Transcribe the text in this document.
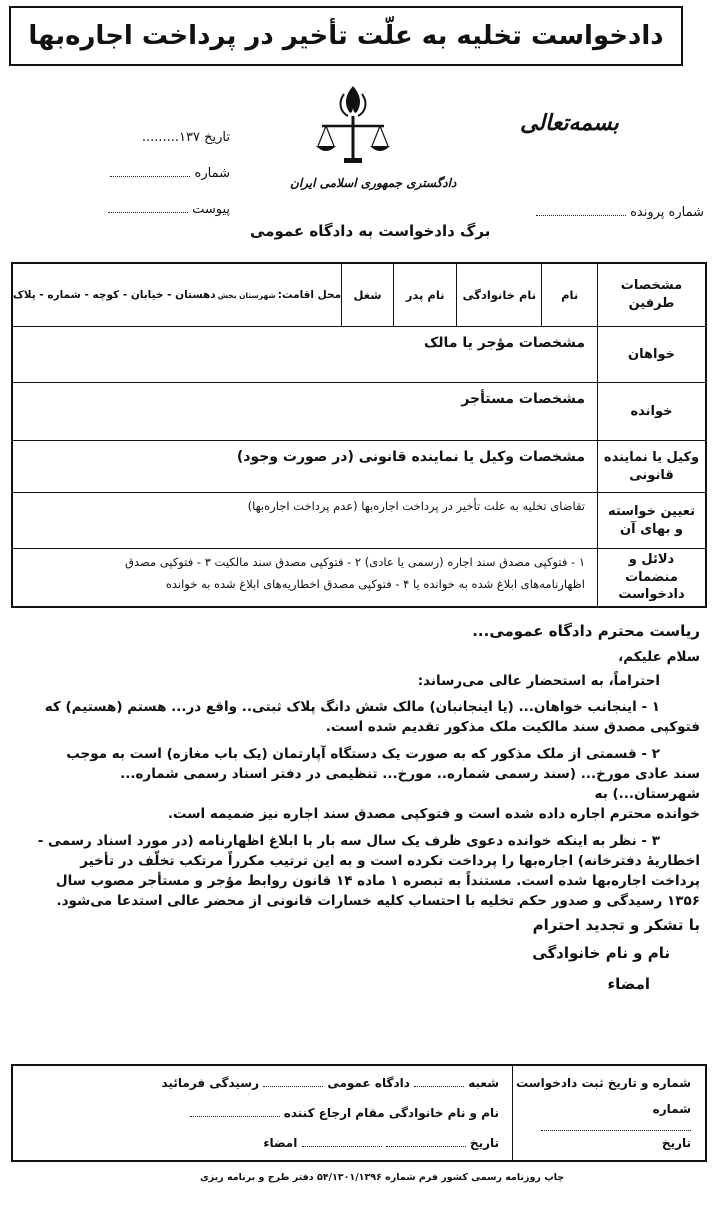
دادخواست تخلیه به علّت تأخیر در پرداخت اجاره‌بها
تاریخ ۱۳۷.........
شماره
پیوست
بسمه‌تعالی
دادگستری جمهوری اسلامی ایران
شماره پرونده
برگ دادخواست به دادگاه عمومی
مشخصات طرفین
نام
نام خانوادگی
نام پدر
شغل
محل اقامت:
شهرستان بخش
دهستان - خیابان - کوچه - شماره - پلاک
خواهان
مشخصات مؤجر یا مالک
خوانده
مشخصات مستأجر
وکیل یا نماینده قانونی
مشخصات وکیل یا نماینده قانونی (در صورت وجود)
تعیین خواسته و بهای آن
تقاضای تخلیه به علت تأخیر در پرداخت اجاره‌بها (عدم پرداخت اجاره‌بها)
دلائل و منضمات دادخواست
۱ - فتوکپی مصدق سند اجاره (رسمی یا عادی) ۲ - فتوکپی مصدق سند مالکیت ۳ - فتوکپی مصدق
اظهارنامه‌های ابلاغ شده به خوانده یا ۴ - فتوکپی مصدق اخطاریه‌های ابلاغ شده به خوانده

ریاست محترم دادگاه عمومی...

سلام علیکم،

احتراماً، به استحضار عالی می‌رساند:

۱ - اینجانب خواهان... (یا اینجانبان) مالک شش دانگ پلاک ثبتی.. واقع در... هستم (هستیم) که

فتوکپی مصدق سند مالکیت ملک مذکور تقدیم شده است.

۲ - قسمتی از ملک مذکور که به صورت یک دستگاه آپارتمان (یک باب مغازه) است به موجب

سند عادی مورخ... (سند رسمی شماره.. مورخ... تنظیمی در دفتر اسناد رسمی شماره... شهرستان...) به

خوانده محترم اجاره داده شده است و فتوکپی مصدق سند اجاره نیز ضمیمه است.

۳ - نظر به اینکه خوانده دعوی ظرف یک سال سه بار با ابلاغ اظهارنامه (در مورد اسناد رسمی -

اخطاریهٔ دفترخانه) اجاره‌بها را پرداخت نکرده است و به این ترتیب مکرراً مرتکب تخلّف در تأخیر

پرداخت اجاره‌بها شده است. مستنداً به تبصره ۱ ماده ۱۴ قانون روابط مؤجر و مستأجر مصوب سال

۱۳۵۶ رسیدگی و صدور حکم تخلیه با احتساب کلیه خسارات قانونی از محضر عالی استدعا می‌شود.

با تشکر و تجدید احترام

نام و نام خانوادگی

امضاء

شماره و تاریخ ثبت دادخواست
شماره
تاریخ
شعبه  دادگاه عمومی  رسیدگی فرمائید
نام و نام خانوادگی مقام ارجاع کننده
تاریخ   امضاء
چاپ روزنامه رسمی کشور فرم شماره ۵۴/۱۳۰۱/۱۳۹۶ دفتر طرح و برنامه ریزی
